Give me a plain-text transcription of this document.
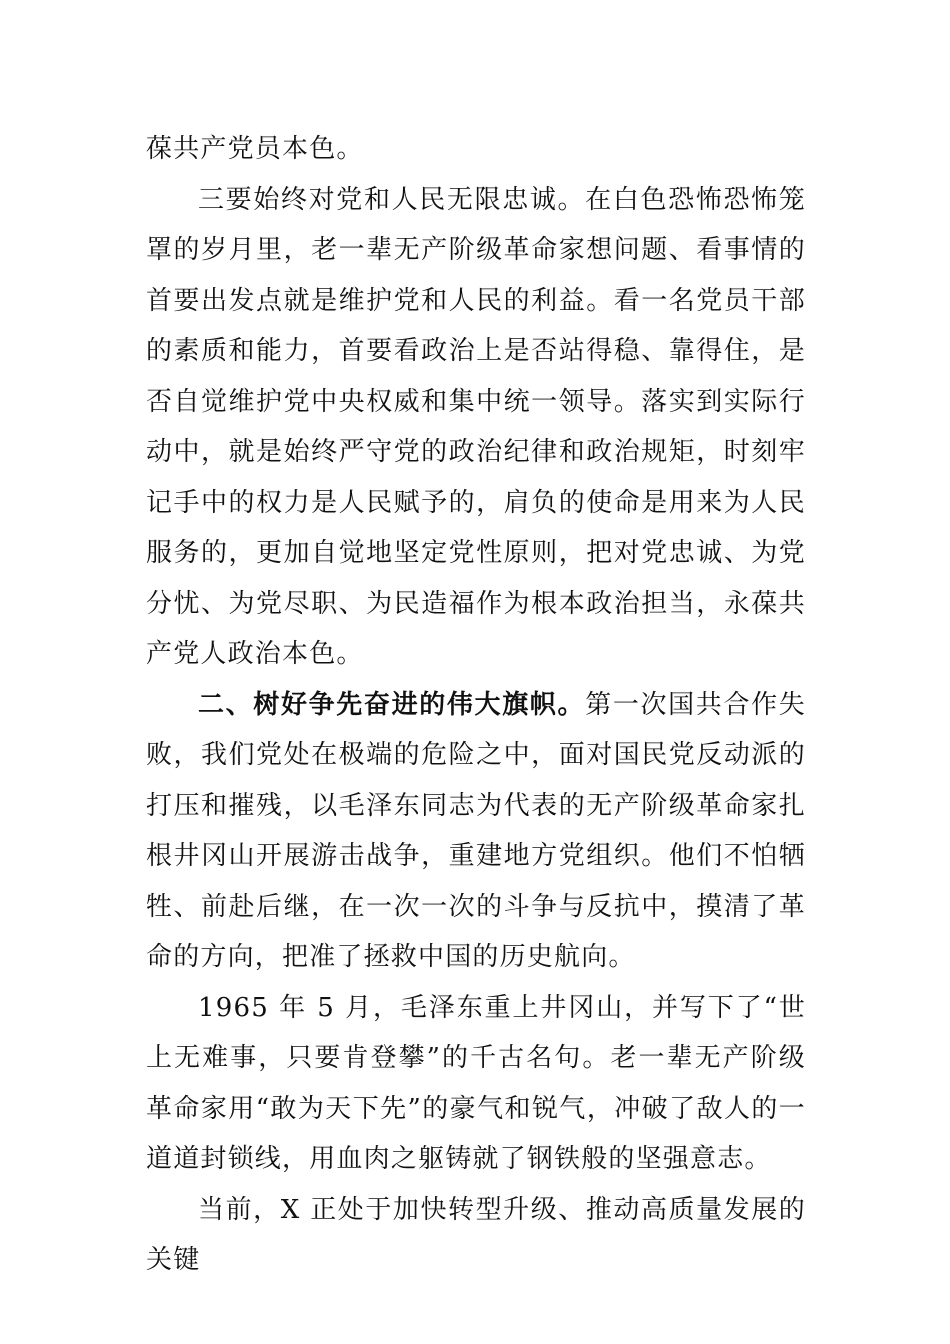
葆共产党员本色。

三要始终对党和人民无限忠诚。在白色恐怖恐怖笼罩的岁月里，老一辈无产阶级革命家想问题、看事情的首要出发点就是维护党和人民的利益。看一名党员干部的素质和能力，首要看政治上是否站得稳、靠得住，是否自觉维护党中央权威和集中统一领导。落实到实际行动中，就是始终严守党的政治纪律和政治规矩，时刻牢记手中的权力是人民赋予的，肩负的使命是用来为人民服务的，更加自觉地坚定党性原则，把对党忠诚、为党分忧、为党尽职、为民造福作为根本政治担当，永葆共产党人政治本色。

二、树好争先奋进的伟大旗帜。第一次国共合作失败，我们党处在极端的危险之中，面对国民党反动派的打压和摧残，以毛泽东同志为代表的无产阶级革命家扎根井冈山开展游击战争，重建地方党组织。他们不怕牺牲、前赴后继，在一次一次的斗争与反抗中，摸清了革命的方向，把准了拯救中国的历史航向。

1965 年 5 月，毛泽东重上井冈山，并写下了“世上无难事，只要肯登攀”的千古名句。老一辈无产阶级革命家用“敢为天下先”的豪气和锐气，冲破了敌人的一道道封锁线，用血肉之躯铸就了钢铁般的坚强意志。

当前，X 正处于加快转型升级、推动高质量发展的关键
